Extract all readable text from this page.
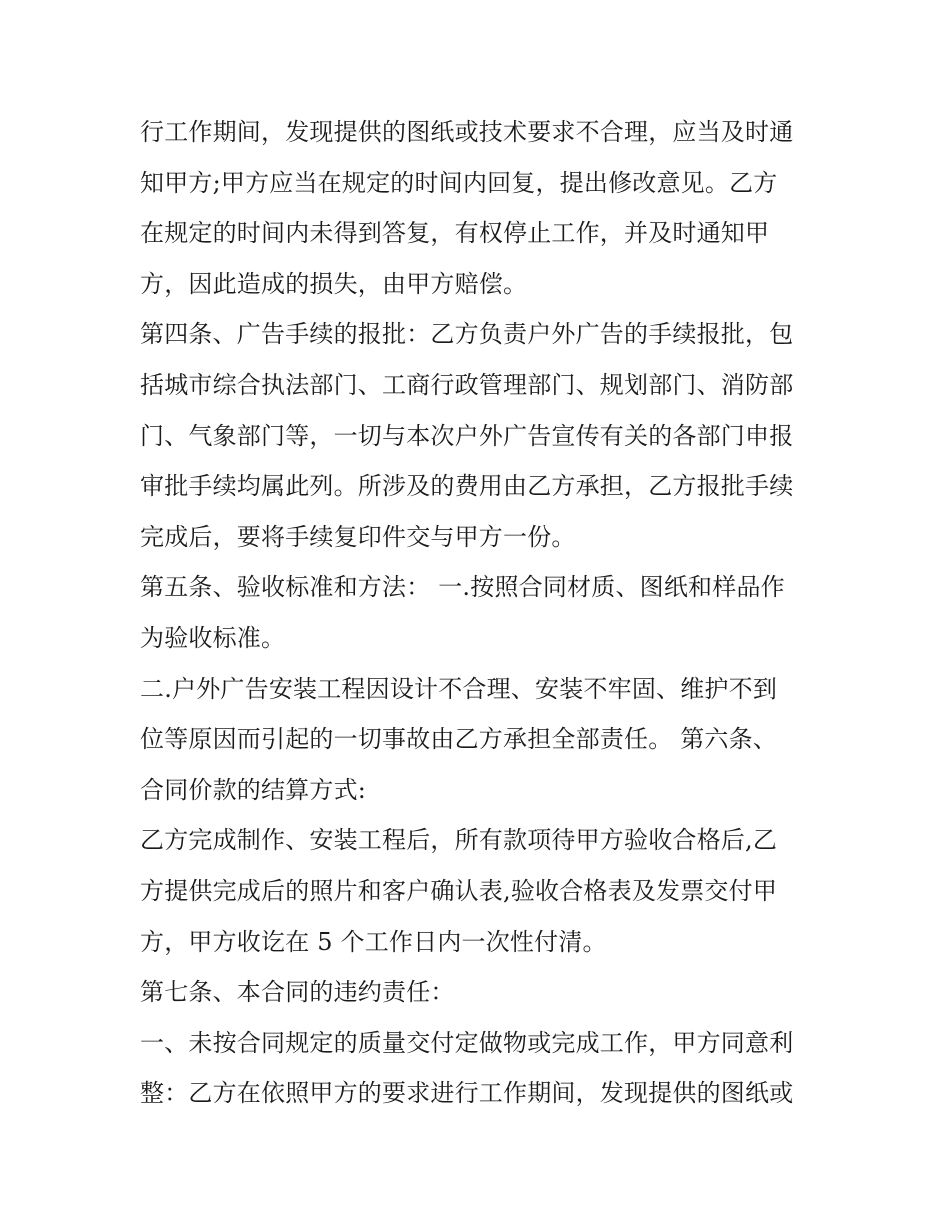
行工作期间，发现提供的图纸或技术要求不合理，应当及时通

知甲方;甲方应当在规定的时间内回复，提出修改意见。乙方

在规定的时间内未得到答复，有权停止工作，并及时通知甲

方，因此造成的损失，由甲方赔偿。

第四条、广告手续的报批：乙方负责户外广告的手续报批，包

括城市综合执法部门、工商行政管理部门、规划部门、消防部

门、气象部门等，一切与本次户外广告宣传有关的各部门申报

审批手续均属此列。所涉及的费用由乙方承担，乙方报批手续

完成后，要将手续复印件交与甲方一份。

第五条、验收标准和方法： 一.按照合同材质、图纸和样品作

为验收标准。

二.户外广告安装工程因设计不合理、安装不牢固、维护不到

位等原因而引起的一切事故由乙方承担全部责任。 第六条、

合同价款的结算方式:

乙方完成制作、安装工程后，所有款项待甲方验收合格后,乙

方提供完成后的照片和客户确认表,验收合格表及发票交付甲

方，甲方收讫在 5 个工作日内一次性付清。

第七条、本合同的违约责任：

一、未按合同规定的质量交付定做物或完成工作，甲方同意利

整：乙方在依照甲方的要求进行工作期间，发现提供的图纸或
